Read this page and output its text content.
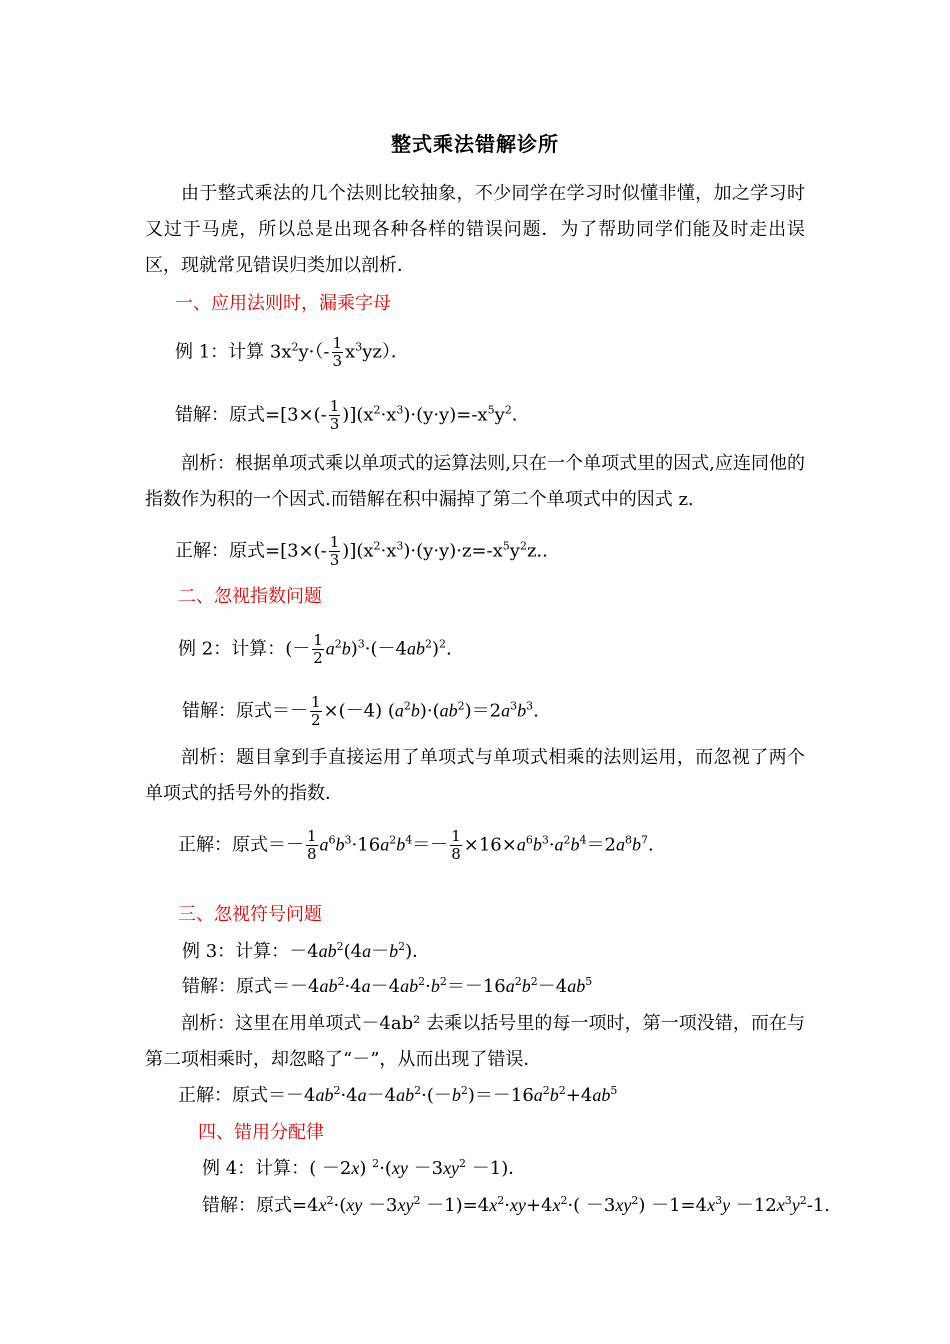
整式乘法错解诊所
由于整式乘法的几个法则比较抽象，不少同学在学习时似懂非懂，加之学习时又过于马虎，所以总是出现各种各样的错误问题．为了帮助同学们能及时走出误区，现就常见错误归类加以剖析．
一、应用法则时，漏乘字母
例 1：计算 $3x^2y\cdot(- \frac{1}{3} x^3yz)$．
错解：原式$=[3\times(- \frac{1}{3} )](x^2\cdot x^3)\cdot(y\cdot y)=-x^5y^2$.
剖析：根据单项式乘以单项式的运算法则,只在一个单项式里的因式,应连同他的指数作为积的一个因式.而错解在积中漏掉了第二个单项式中的因式 z.
正解：原式$=[3\times(- \frac{1}{3} )](x^2\cdot x^3)\cdot(y\cdot y)\cdot z=-x^5y^2z$..
二、忽视指数问题
例 2：计算：(－ $\frac{1}{2} a^2b)^3\cdot(-4ab^2)^2$.
错解：原式＝－ $\frac{1}{2} \times(-4)$ $(a^2b)\cdot(ab^2)=2a^3b^3$.
剖析：题目拿到手直接运用了单项式与单项式相乘的法则运用，而忽视了两个单项式的括号外的指数．
正解：原式＝－ $\frac{1}{8} a^6b^3\cdot 16a^2b^4=- \frac{1}{8} \times 16\times a^6b^3\cdot a^2b^4=2a^8b^7$.
三、忽视符号问题
例 3：计算：$-4ab^2(4a-b^2)$．
错解：原式$=-4ab^2\cdot 4a-4ab^2\cdot b^2=-16a^2b^2-4ab^5$
剖析：这里在用单项式－4ab² 去乘以括号里的每一项时，第一项没错，而在与第二项相乘时，却忽略了“－”，从而出现了错误．
正解：原式$=-4ab^2\cdot 4a-4ab^2\cdot(-b^2)=-16a^2b^2+4ab^5$
四、错用分配律
例 4：计算：( －2x) $^2\cdot(xy -3xy^2 -1)$．
错解：原式$=4x^2\cdot(xy -3xy^2 -1)=4x^2\cdot xy+4x^2\cdot( -3xy^2) -1=4x^3y -12x^3y^2-1$.
